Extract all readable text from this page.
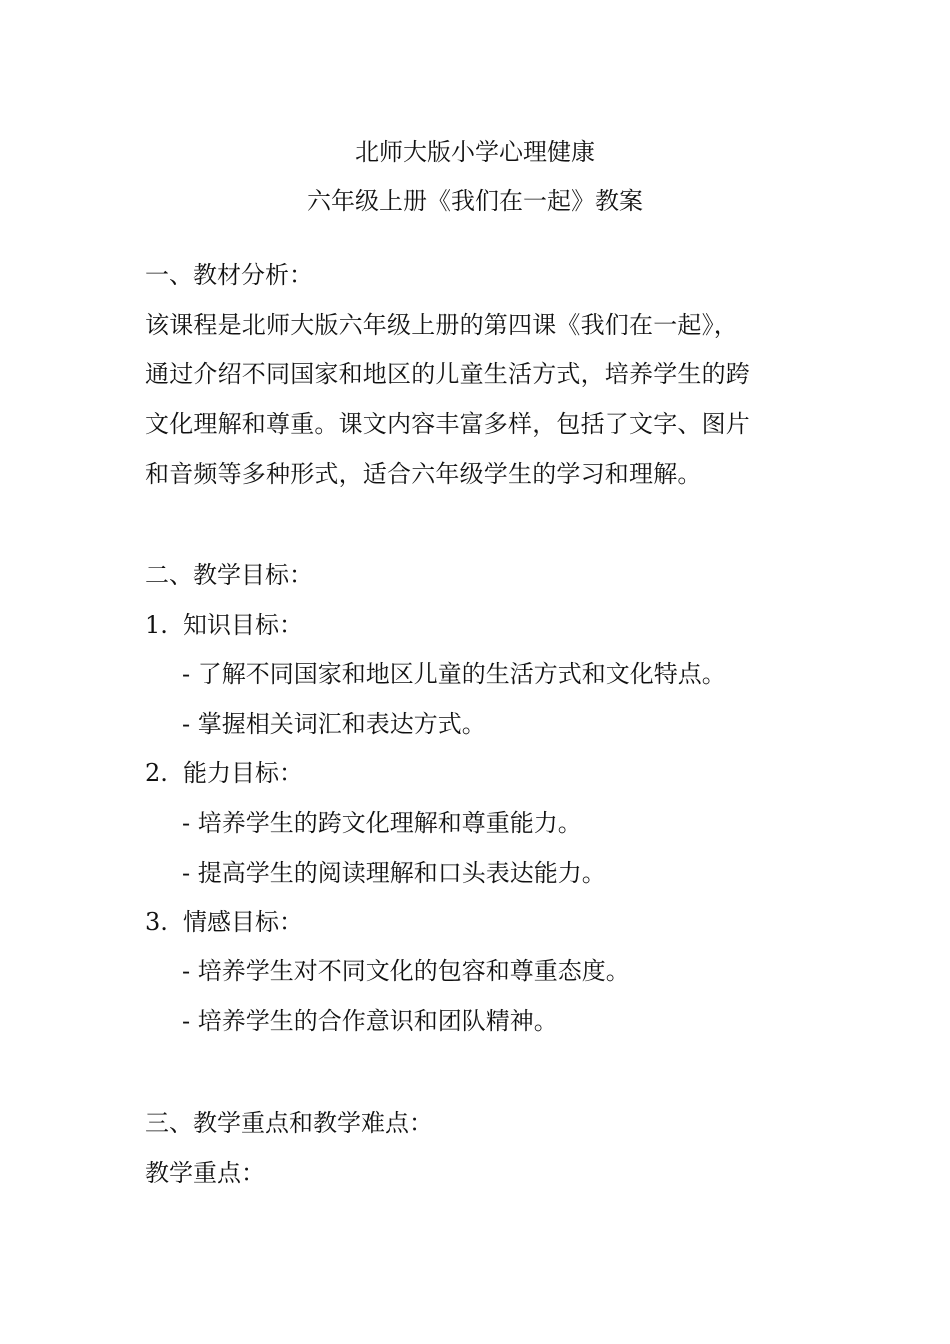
北师大版小学心理健康
六年级上册《我们在一起》教案
一、教材分析：
该课程是北师大版六年级上册的第四课《我们在一起》，
通过介绍不同国家和地区的儿童生活方式，培养学生的跨
文化理解和尊重。课文内容丰富多样，包括了文字、图片
和音频等多种形式，适合六年级学生的学习和理解。
二、教学目标：
1. 知识目标：
- 了解不同国家和地区儿童的生活方式和文化特点。
- 掌握相关词汇和表达方式。
2. 能力目标：
- 培养学生的跨文化理解和尊重能力。
- 提高学生的阅读理解和口头表达能力。
3. 情感目标：
- 培养学生对不同文化的包容和尊重态度。
- 培养学生的合作意识和团队精神。
三、教学重点和教学难点：
教学重点：
